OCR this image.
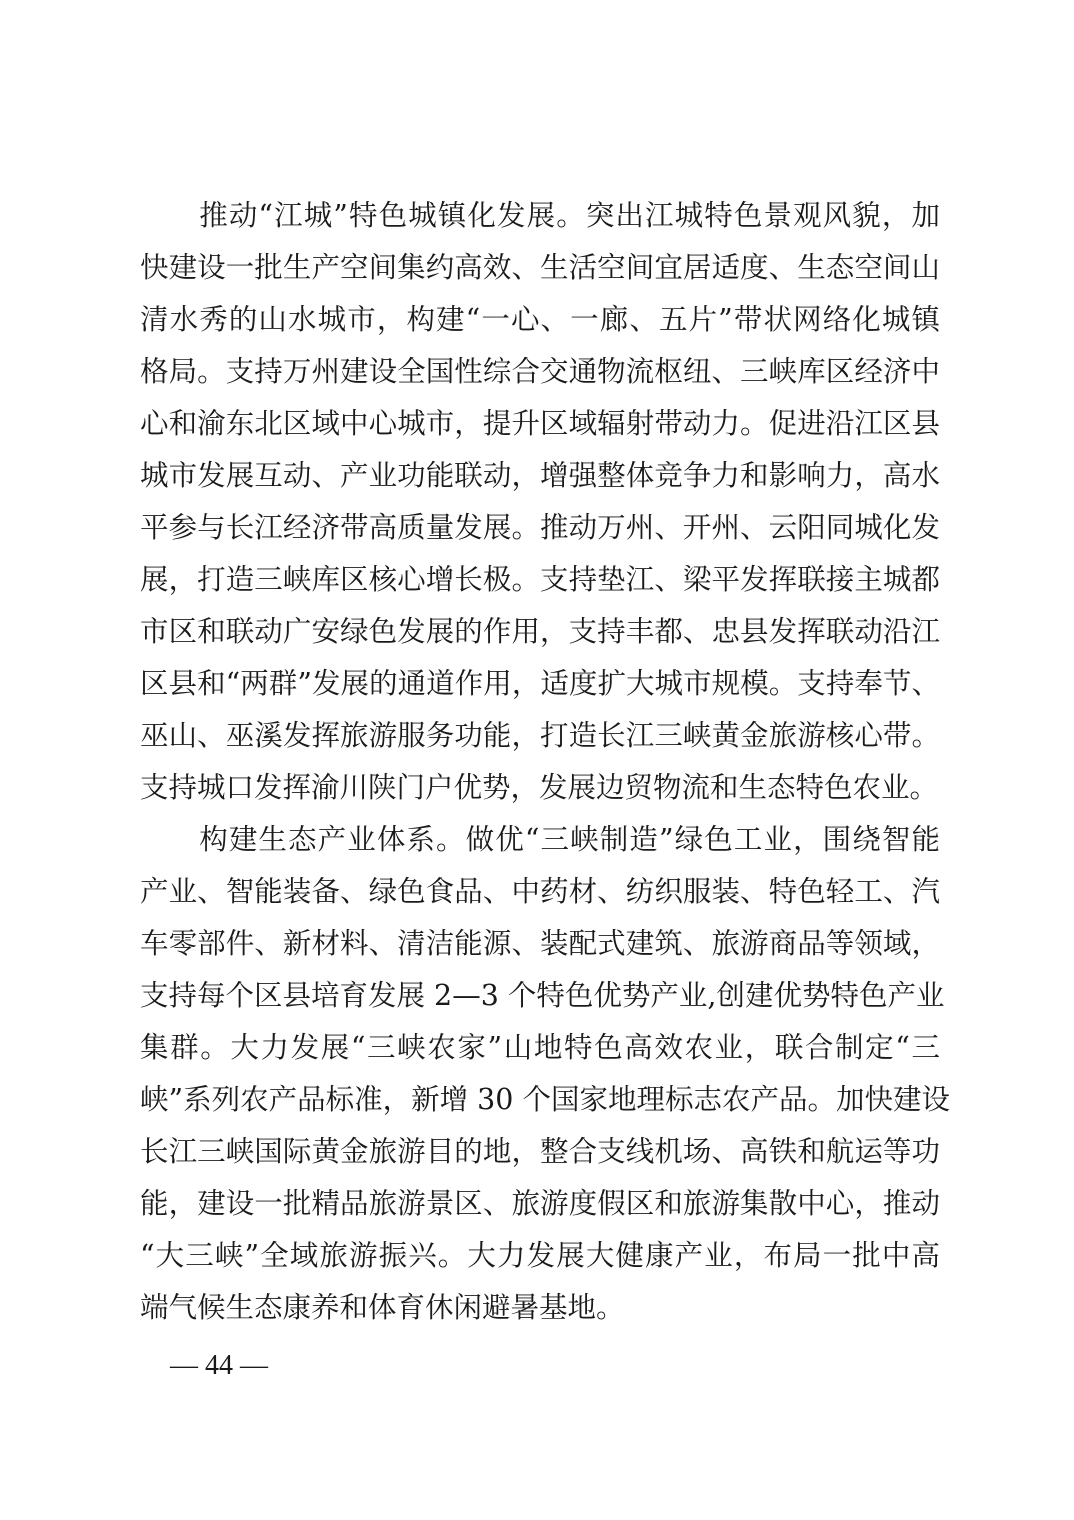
　　推动“江城”特色城镇化发展。突出江城特色景观风貌，加
快建设一批生产空间集约高效、生活空间宜居适度、生态空间山
清水秀的山水城市，构建“一心、一廊、五片”带状网络化城镇
格局。支持万州建设全国性综合交通物流枢纽、三峡库区经济中
心和渝东北区域中心城市，提升区域辐射带动力。促进沿江区县
城市发展互动、产业功能联动，增强整体竞争力和影响力，高水
平参与长江经济带高质量发展。推动万州、开州、云阳同城化发
展，打造三峡库区核心增长极。支持垫江、梁平发挥联接主城都
市区和联动广安绿色发展的作用，支持丰都、忠县发挥联动沿江
区县和“两群”发展的通道作用，适度扩大城市规模。支持奉节、
巫山、巫溪发挥旅游服务功能，打造长江三峡黄金旅游核心带。
支持城口发挥渝川陕门户优势，发展边贸物流和生态特色农业。
　　构建生态产业体系。做优“三峡制造”绿色工业，围绕智能
产业、智能装备、绿色食品、中药材、纺织服装、特色轻工、汽
车零部件、新材料、清洁能源、装配式建筑、旅游商品等领域，
支持每个区县培育发展 2—3 个特色优势产业,创建优势特色产业
集群。大力发展“三峡农家”山地特色高效农业，联合制定“三
峡”系列农产品标准，新增 30 个国家地理标志农产品。加快建设
长江三峡国际黄金旅游目的地，整合支线机场、高铁和航运等功
能，建设一批精品旅游景区、旅游度假区和旅游集散中心，推动
“大三峡”全域旅游振兴。大力发展大健康产业，布局一批中高
端气候生态康养和体育休闲避暑基地。
— 44 —
